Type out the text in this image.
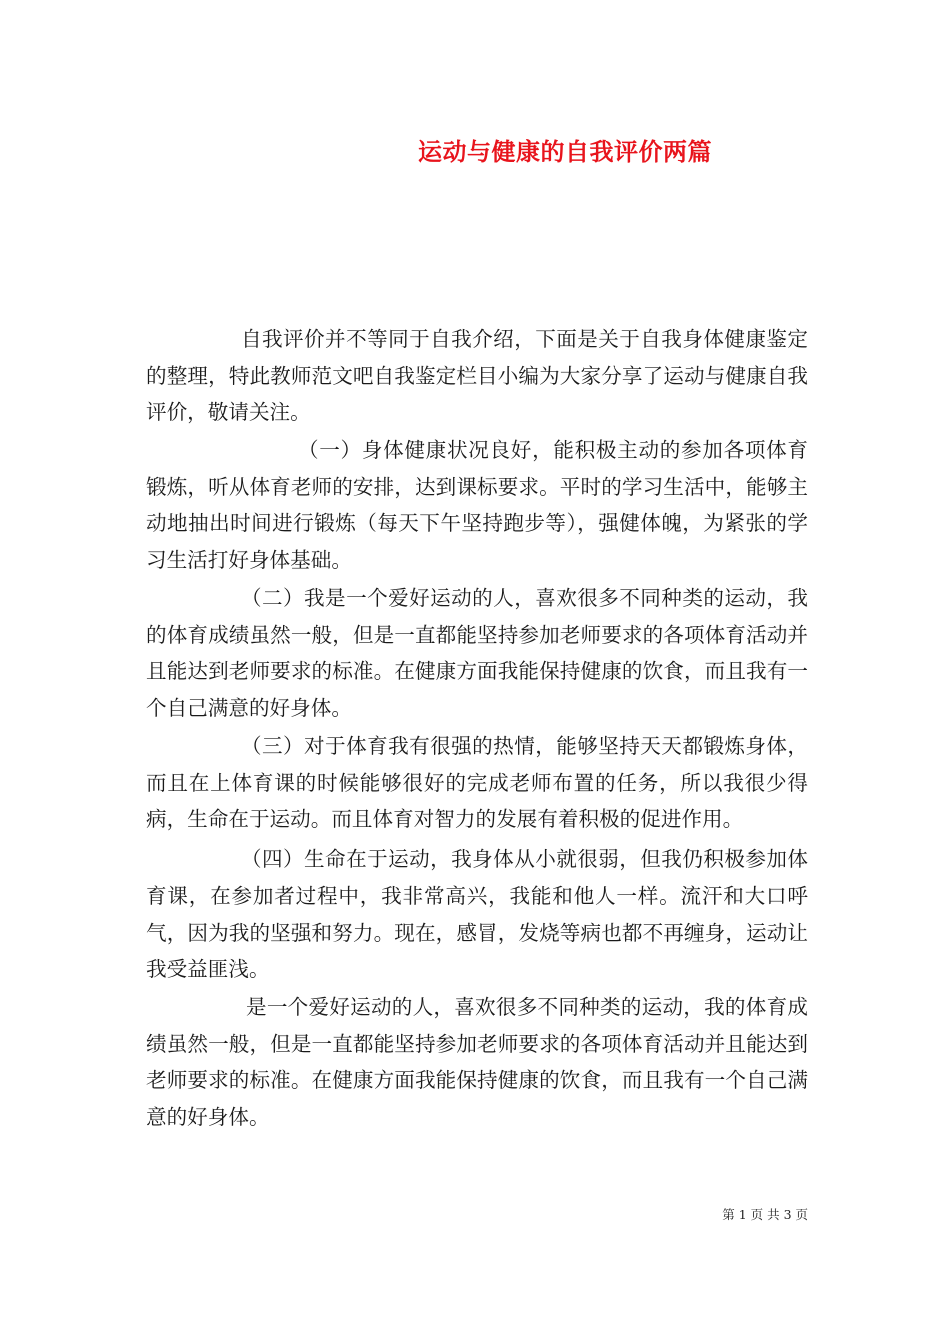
运动与健康的自我评价两篇

自我评价并不等同于自我介绍，下面是关于自我身体健康鉴定的整理，特此教师范文吧自我鉴定栏目小编为大家分享了运动与健康自我评价，敬请关注。

（一）身体健康状况良好，能积极主动的参加各项体育锻炼，听从体育老师的安排，达到课标要求。平时的学习生活中，能够主动地抽出时间进行锻炼（每天下午坚持跑步等），强健体魄，为紧张的学习生活打好身体基础。

（二）我是一个爱好运动的人，喜欢很多不同种类的运动，我的体育成绩虽然一般，但是一直都能坚持参加老师要求的各项体育活动并且能达到老师要求的标准。在健康方面我能保持健康的饮食，而且我有一个自己满意的好身体。

（三）对于体育我有很强的热情，能够坚持天天都锻炼身体，而且在上体育课的时候能够很好的完成老师布置的任务，所以我很少得病，生命在于运动。而且体育对智力的发展有着积极的促进作用。

（四）生命在于运动，我身体从小就很弱，但我仍积极参加体育课，在参加者过程中，我非常高兴，我能和他人一样。流汗和大口呼气，因为我的坚强和努力。现在，感冒，发烧等病也都不再缠身，运动让我受益匪浅。

是一个爱好运动的人，喜欢很多不同种类的运动，我的体育成绩虽然一般，但是一直都能坚持参加老师要求的各项体育活动并且能达到老师要求的标准。在健康方面我能保持健康的饮食，而且我有一个自己满意的好身体。

第 1 页 共 3 页
